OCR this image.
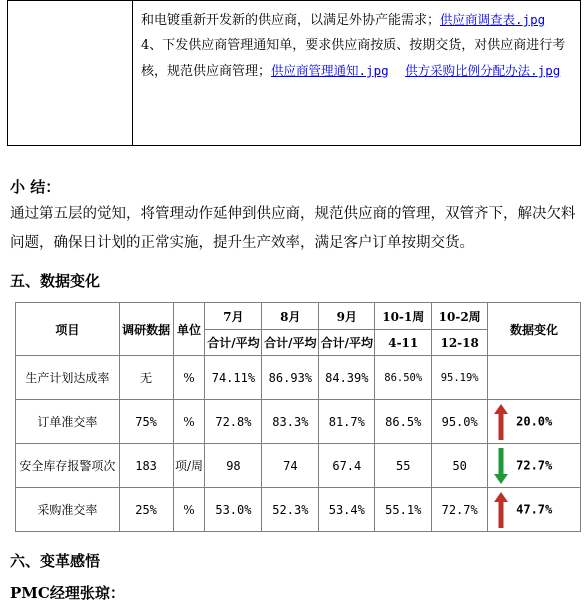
	和电镀重新开发新的供应商，以满足外协产能需求；供应商调查表.jpg
4、下发供应商管理通知单，要求供应商按质、按期交货，对供应商进行考核，规范供应商管理；供应商管理通知.jpg 供方采购比例分配办法.jpg
小 结：
通过第五层的觉知，将管理动作延伸到供应商，规范供应商的管理，双管齐下，解决欠料问题，确保日计划的正常实施，提升生产效率，满足客户订单按期交货。
五、数据变化
项目	调研数据	单位	7月	8月	9月	10-1周	10-2周	数据变化
			合计/平均	合计/平均	合计/平均	4-11	12-18	
生产计划达成率	无	%	74.11%	86.93%	84.39%	86.50%	95.19%	
订单准交率	75%	%	72.8%	83.3%	81.7%	86.5%	95.0%	20.0%
安全库存报警项次	183	项/周	98	74	67.4	55	50	72.7%
采购准交率	25%	%	53.0%	52.3%	53.4%	55.1%	72.7%	47.7%
六、变革感悟
PMC经理张琼：
